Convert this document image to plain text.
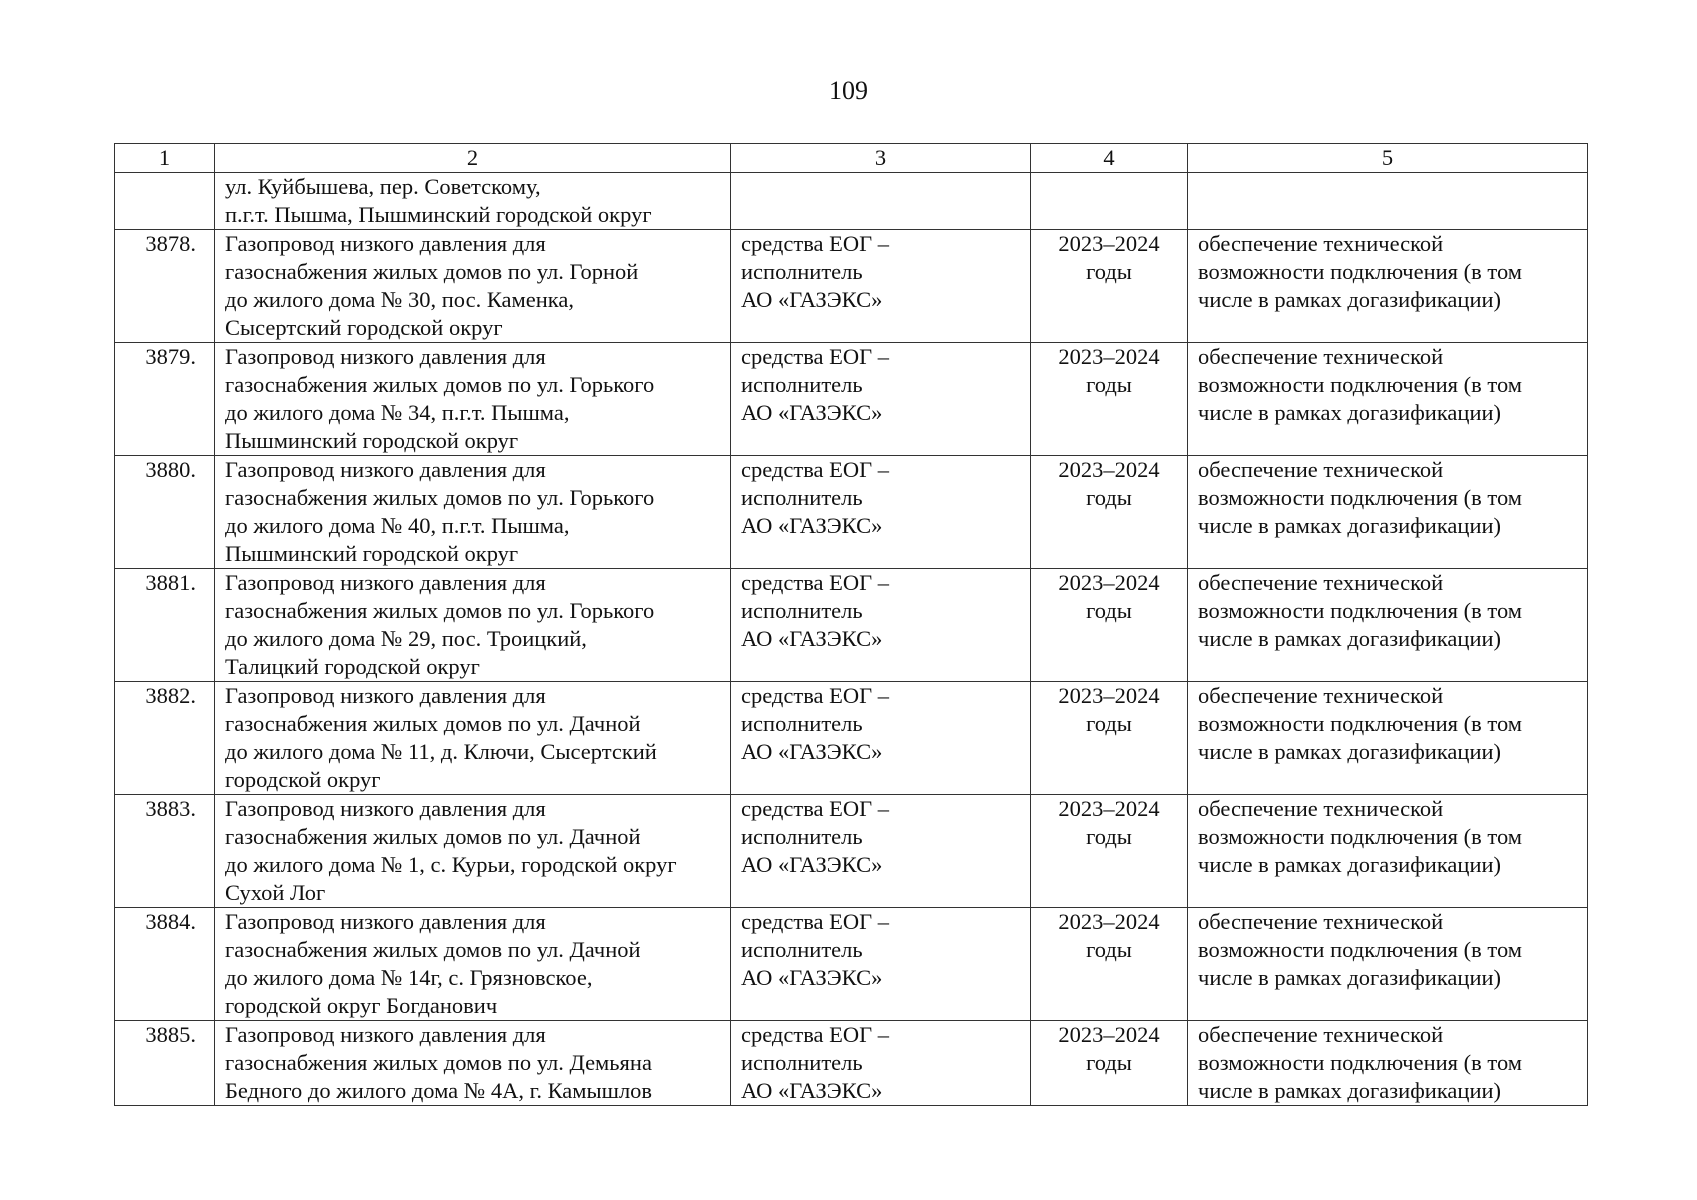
109
1	2	3	4	5
	ул. Куйбышева, пер. Советскому,
п.г.т. Пышма, Пышминский городской округ			
3878.	Газопровод низкого давления для
газоснабжения жилых домов по ул. Горной
до жилого дома № 30, пос. Каменка,
Сысертский городской округ	средства ЕОГ –
исполнитель
АО «ГАЗЭКС»	2023–2024
годы	обеспечение технической
возможности подключения (в том
числе в рамках догазификации)
3879.	Газопровод низкого давления для
газоснабжения жилых домов по ул. Горького
до жилого дома № 34, п.г.т. Пышма,
Пышминский городской округ	средства ЕОГ –
исполнитель
АО «ГАЗЭКС»	2023–2024
годы	обеспечение технической
возможности подключения (в том
числе в рамках догазификации)
3880.	Газопровод низкого давления для
газоснабжения жилых домов по ул. Горького
до жилого дома № 40, п.г.т. Пышма,
Пышминский городской округ	средства ЕОГ –
исполнитель
АО «ГАЗЭКС»	2023–2024
годы	обеспечение технической
возможности подключения (в том
числе в рамках догазификации)
3881.	Газопровод низкого давления для
газоснабжения жилых домов по ул. Горького
до жилого дома № 29, пос. Троицкий,
Талицкий городской округ	средства ЕОГ –
исполнитель
АО «ГАЗЭКС»	2023–2024
годы	обеспечение технической
возможности подключения (в том
числе в рамках догазификации)
3882.	Газопровод низкого давления для
газоснабжения жилых домов по ул. Дачной
до жилого дома № 11, д. Ключи, Сысертский
городской округ	средства ЕОГ –
исполнитель
АО «ГАЗЭКС»	2023–2024
годы	обеспечение технической
возможности подключения (в том
числе в рамках догазификации)
3883.	Газопровод низкого давления для
газоснабжения жилых домов по ул. Дачной
до жилого дома № 1, с. Курьи, городской округ
Сухой Лог	средства ЕОГ –
исполнитель
АО «ГАЗЭКС»	2023–2024
годы	обеспечение технической
возможности подключения (в том
числе в рамках догазификации)
3884.	Газопровод низкого давления для
газоснабжения жилых домов по ул. Дачной
до жилого дома № 14г, с. Грязновское,
городской округ Богданович	средства ЕОГ –
исполнитель
АО «ГАЗЭКС»	2023–2024
годы	обеспечение технической
возможности подключения (в том
числе в рамках догазификации)
3885.	Газопровод низкого давления для
газоснабжения жилых домов по ул. Демьяна
Бедного до жилого дома № 4А, г. Камышлов	средства ЕОГ –
исполнитель
АО «ГАЗЭКС»	2023–2024
годы	обеспечение технической
возможности подключения (в том
числе в рамках догазификации)
